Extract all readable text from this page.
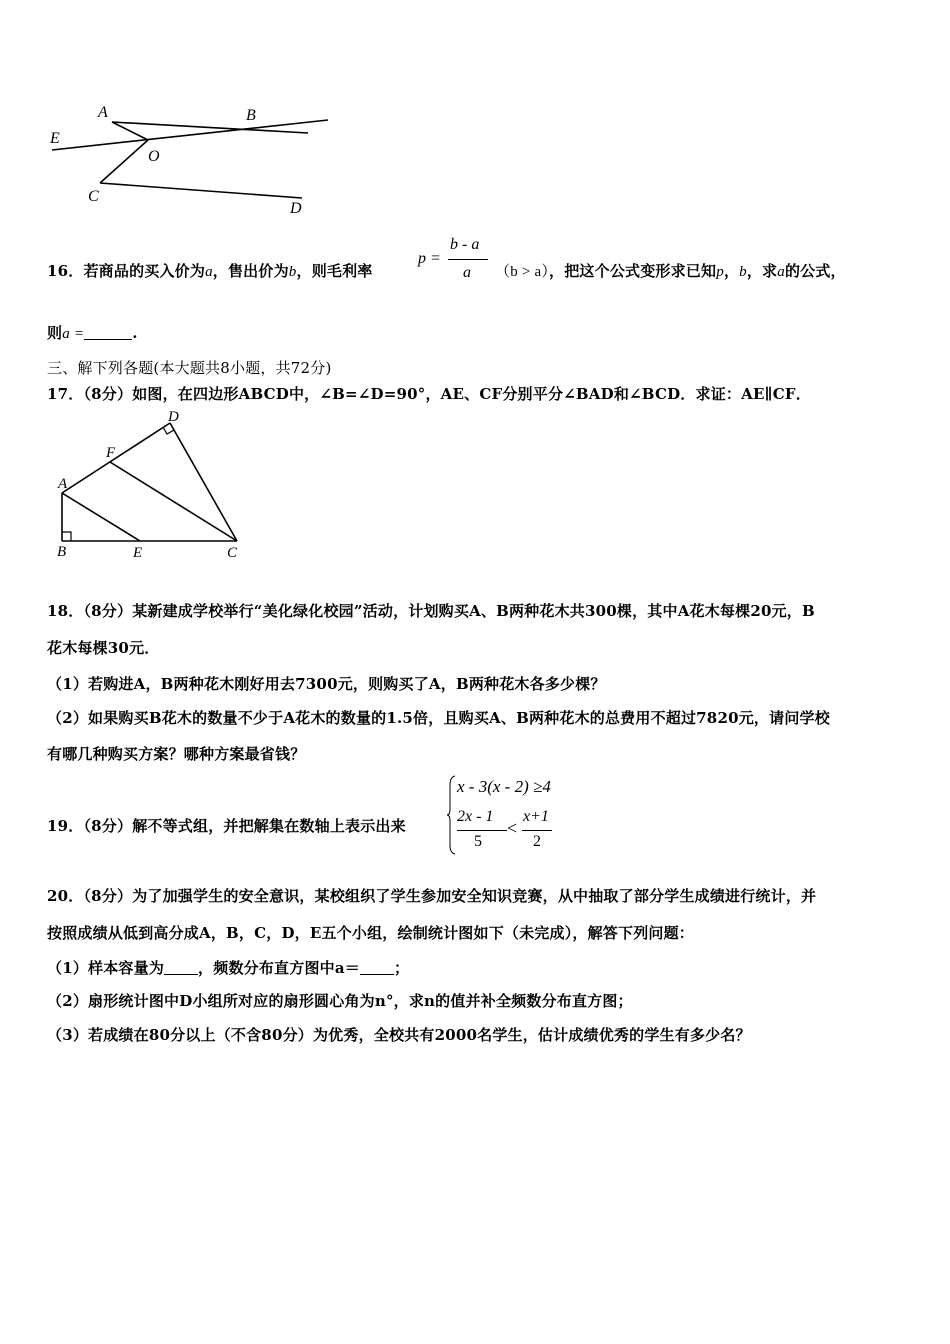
A	B
E
O
C
D
16．若商品的买入价为a，售出价为b，则毛利率
p =
b - a
a （b > a），把这个公式变形求已知p，b，求a的公式，
则a =	.
三、解下列各题(本大题共8小题，共72分)
17．（8分）如图，在四边形ABCD中，∠B=∠D=90°，AE、CF分别平分∠BAD和∠BCD．求证：AE∥CF．
D
F
A
B	E	C
18．（8分）某新建成学校举行“美化绿化校园”活动，计划购买A、B两种花木共300棵，其中A花木每棵20元，B
花木每棵30元．
（1）若购进A，B两种花木刚好用去7300元，则购买了A，B两种花木各多少棵？
（2）如果购买B花木的数量不少于A花木的数量的1.5倍，且购买A、B两种花木的总费用不超过7820元，请问学校
有哪几种购买方案？哪种方案最省钱？
19．（8分）解不等式组，并把解集在数轴上表示出来
x - 3(x - 2) ≥4
2x - 1
5
<
x+1
2
20．（8分）为了加强学生的安全意识，某校组织了学生参加安全知识竞赛，从中抽取了部分学生成绩进行统计，并
按照成绩从低到高分成A，B，C，D，E五个小组，绘制统计图如下（未完成），解答下列问题：
（1）样本容量为 ，频数分布直方图中a＝ ；
（2）扇形统计图中D小组所对应的扇形圆心角为n°，求n的值并补全频数分布直方图；
（3）若成绩在80分以上（不含80分）为优秀，全校共有2000名学生，估计成绩优秀的学生有多少名？
